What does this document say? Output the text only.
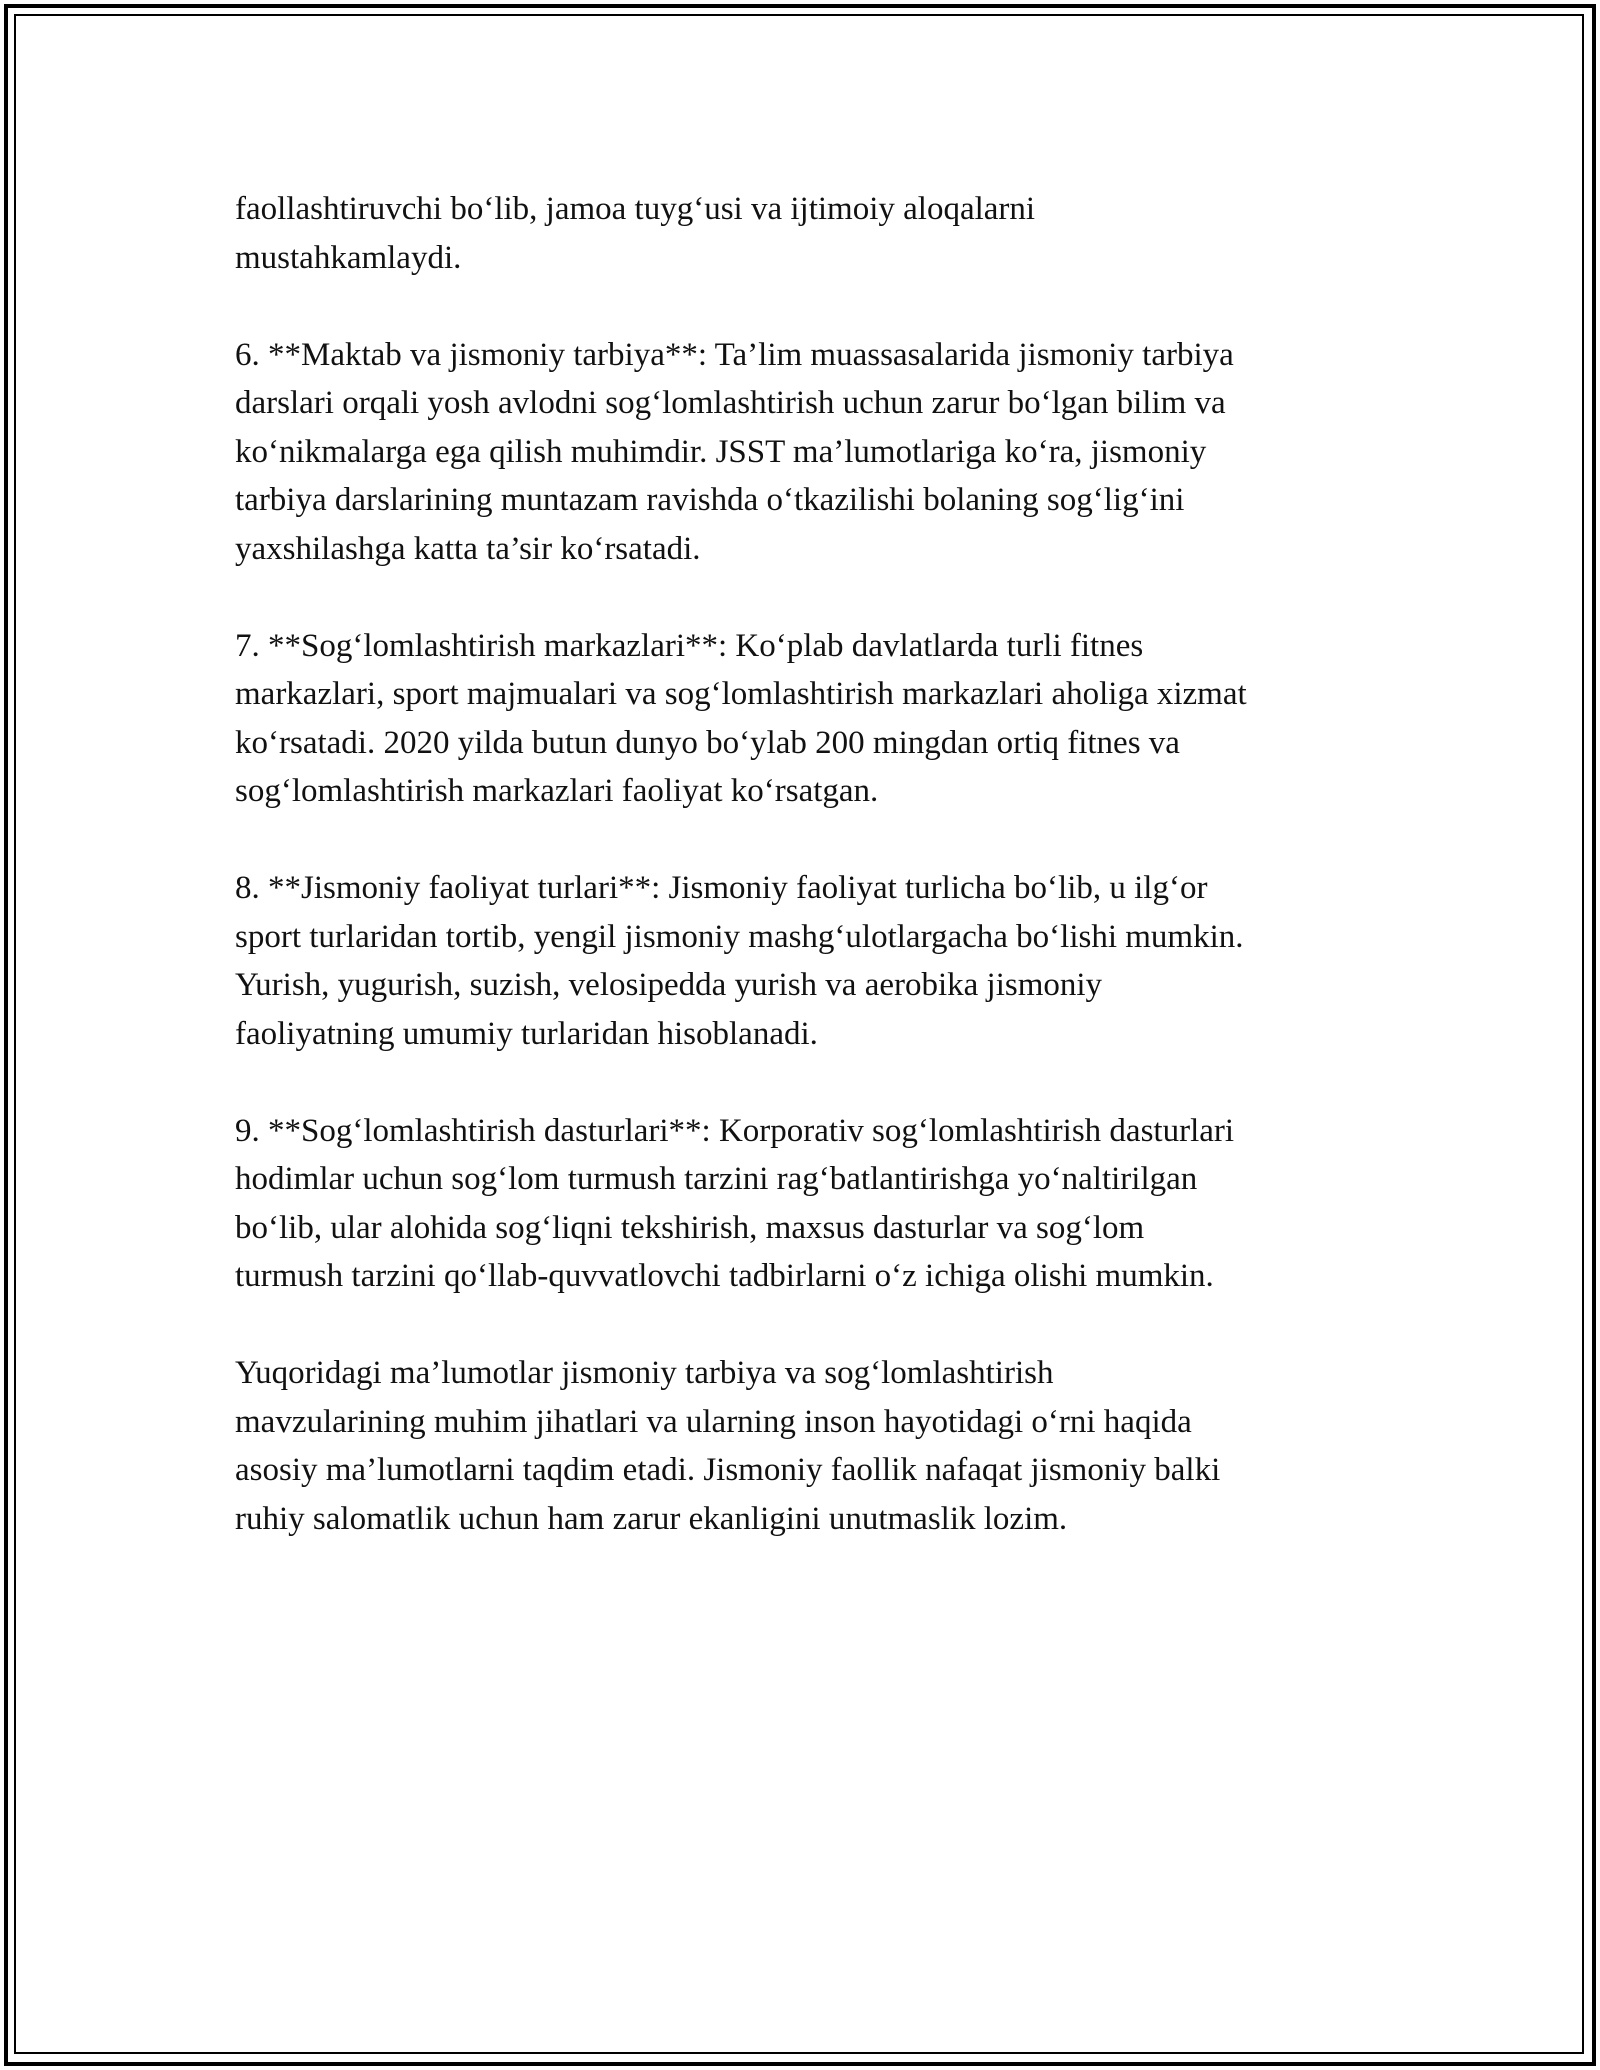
faollashtiruvchi bo‘lib, jamoa tuyg‘usi va ijtimoiy aloqalarni
mustahkamlaydi.

6. **Maktab va jismoniy tarbiya**: Ta’lim muassasalarida jismoniy tarbiya
darslari orqali yosh avlodni sog‘lomlashtirish uchun zarur bo‘lgan bilim va
ko‘nikmalarga ega qilish muhimdir. JSST ma’lumotlariga ko‘ra, jismoniy
tarbiya darslarining muntazam ravishda o‘tkazilishi bolaning sog‘lig‘ini
yaxshilashga katta ta’sir ko‘rsatadi.

7. **Sog‘lomlashtirish markazlari**: Ko‘plab davlatlarda turli fitnes
markazlari, sport majmualari va sog‘lomlashtirish markazlari aholiga xizmat
ko‘rsatadi. 2020 yilda butun dunyo bo‘ylab 200 mingdan ortiq fitnes va
sog‘lomlashtirish markazlari faoliyat ko‘rsatgan.

8. **Jismoniy faoliyat turlari**: Jismoniy faoliyat turlicha bo‘lib, u ilg‘or
sport turlaridan tortib, yengil jismoniy mashg‘ulotlargacha bo‘lishi mumkin.
Yurish, yugurish, suzish, velosipedda yurish va aerobika jismoniy
faoliyatning umumiy turlaridan hisoblanadi.

9. **Sog‘lomlashtirish dasturlari**: Korporativ sog‘lomlashtirish dasturlari
hodimlar uchun sog‘lom turmush tarzini rag‘batlantirishga yo‘naltirilgan
bo‘lib, ular alohida sog‘liqni tekshirish, maxsus dasturlar va sog‘lom
turmush tarzini qo‘llab-quvvatlovchi tadbirlarni o‘z ichiga olishi mumkin.

Yuqoridagi ma’lumotlar jismoniy tarbiya va sog‘lomlashtirish
mavzularining muhim jihatlari va ularning inson hayotidagi o‘rni haqida
asosiy ma’lumotlarni taqdim etadi. Jismoniy faollik nafaqat jismoniy balki
ruhiy salomatlik uchun ham zarur ekanligini unutmaslik lozim.
